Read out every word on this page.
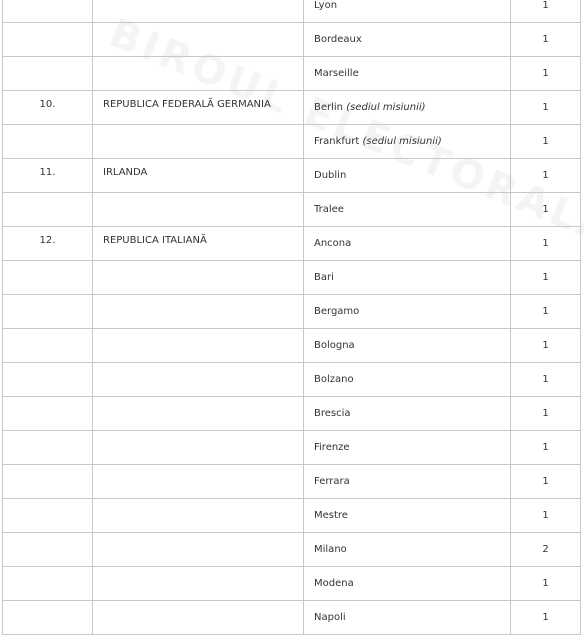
		Lyon	1

		Bordeaux	1

		Marseille	1

10.	REPUBLICA FEDERALĂ GERMANIA	Berlin (sediul misiunii)	1

		Frankfurt (sediul misiunii)	1

11.	IRLANDA	Dublin	1

		Tralee	1

12.	REPUBLICA ITALIANĂ	Ancona	1

		Bari	1

		Bergamo	1

		Bologna	1

		Bolzano	1

		Brescia	1

		Firenze	1

		Ferrara	1

		Mestre	1

		Milano	2

		Modena	1

		Napoli	1
